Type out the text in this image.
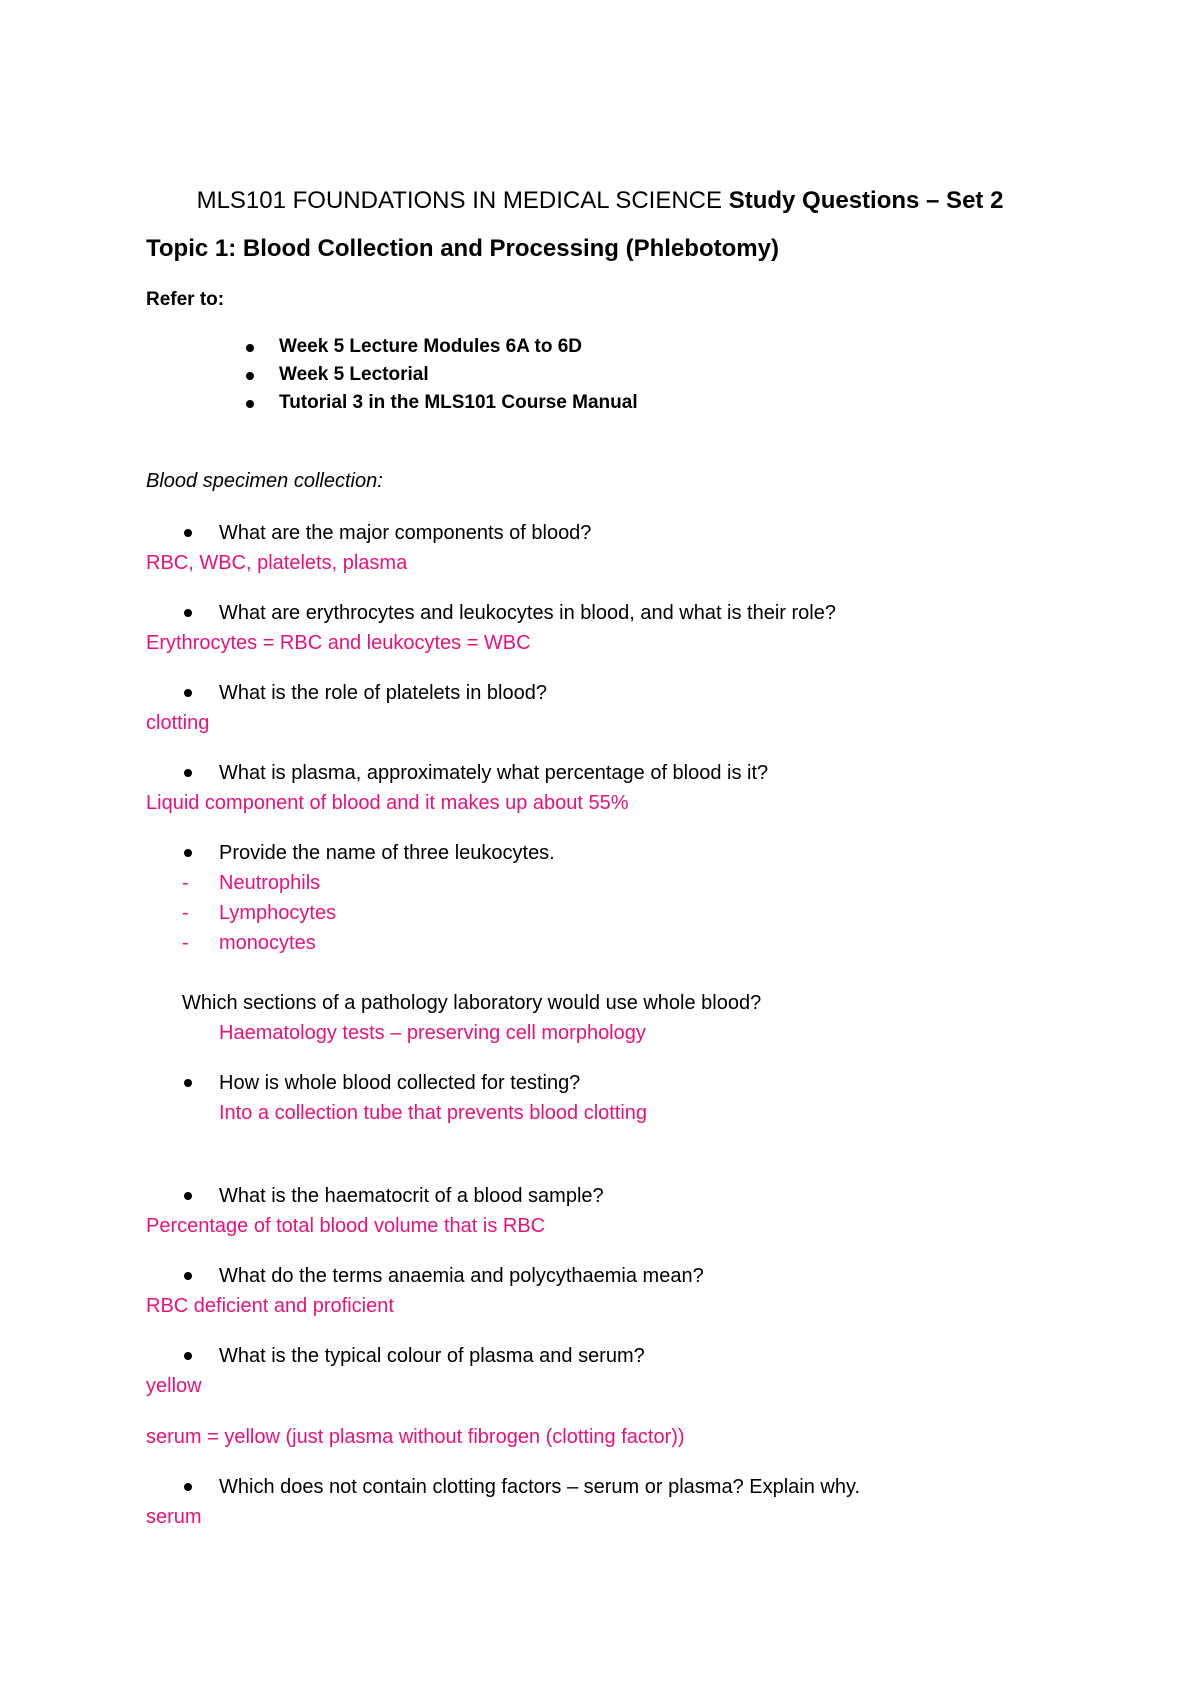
MLS101 FOUNDATIONS IN MEDICAL SCIENCE Study Questions – Set 2
Topic 1: Blood Collection and Processing (Phlebotomy)
Refer to:
Week 5 Lecture Modules 6A to 6D
Week 5 Lectorial
Tutorial 3 in the MLS101 Course Manual
Blood specimen collection:
What are the major components of blood?
RBC, WBC, platelets, plasma
What are erythrocytes and leukocytes in blood, and what is their role?
Erythrocytes = RBC and leukocytes = WBC
What is the role of platelets in blood?
clotting
What is plasma, approximately what percentage of blood is it?
Liquid component of blood and it makes up about 55%
Provide the name of three leukocytes.
- Neutrophils
- Lymphocytes
- monocytes
Which sections of a pathology laboratory would use whole blood?
Haematology tests – preserving cell morphology
How is whole blood collected for testing?
Into a collection tube that prevents blood clotting
What is the haematocrit of a blood sample?
Percentage of total blood volume that is RBC
What do the terms anaemia and polycythaemia mean?
RBC deficient and proficient
What is the typical colour of plasma and serum?
yellow
serum = yellow (just plasma without fibrogen (clotting factor))
Which does not contain clotting factors – serum or plasma? Explain why.
serum
